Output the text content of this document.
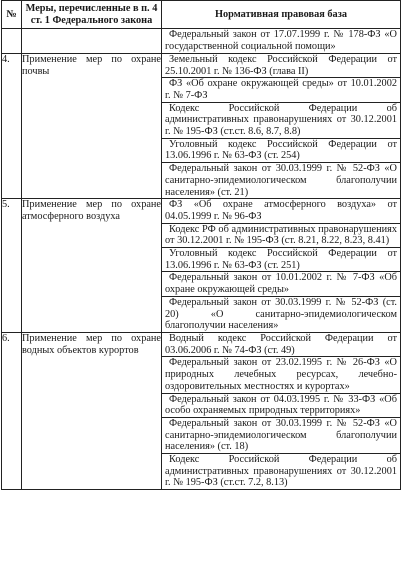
№	Меры, перечисленные в п. 4 ст. 1 Федерального закона	Нормативная правовая база

		Федеральный закон от 17.07.1999 г. № 178-ФЗ «О государственной социальной помощи»

4.	Применение мер по охране почвы	Земельный кодекс Российской Федерации от 25.10.2001 г. № 136-ФЗ (глава II)
ФЗ «Об охране окружающей среды» от 10.01.2002 г. № 7-ФЗ
Кодекс Российской Федерации об административных правонарушениях от 30.12.2001 г. № 195-ФЗ (ст.ст. 8.6, 8.7, 8.8)
Уголовный кодекс Российской Федерации от 13.06.1996 г. № 63-ФЗ (ст. 254)
Федеральный закон от 30.03.1999 г. № 52-ФЗ «О санитарно-эпидемиологическом благополучии населения» (ст. 21)

5.	Применение мер по охране атмосферного воздуха	ФЗ «Об охране атмосферного воздуха» от 04.05.1999 г. № 96-ФЗ
Кодекс РФ об административных правонарушениях от 30.12.2001 г. № 195-ФЗ (ст. 8.21, 8.22, 8.23, 8.41)
Уголовный кодекс Российской Федерации от 13.06.1996 г. № 63-ФЗ (ст. 251)
Федеральный закон от 10.01.2002 г. № 7-ФЗ «Об охране окружающей среды»
Федеральный закон от 30.03.1999 г. № 52-ФЗ (ст. 20) «О санитарно-эпидемиологическом благополучии населения»

6.	Применение мер по охране водных объектов курортов	Водный кодекс Российской Федерации от 03.06.2006 г. № 74-ФЗ (ст. 49)
Федеральный закон от 23.02.1995 г. № 26-ФЗ «О природных лечебных ресурсах, лечебно-оздоровительных местностях и курортах»
Федеральный закон от 04.03.1995 г. № 33-ФЗ «Об особо охраняемых природных территориях»
Федеральный закон от 30.03.1999 г. № 52-ФЗ «О санитарно-эпидемиологическом благополучии населения» (ст. 18)
Кодекс Российской Федерации об административных правонарушениях от 30.12.2001 г. № 195-ФЗ (ст.ст. 7.2, 8.13)
